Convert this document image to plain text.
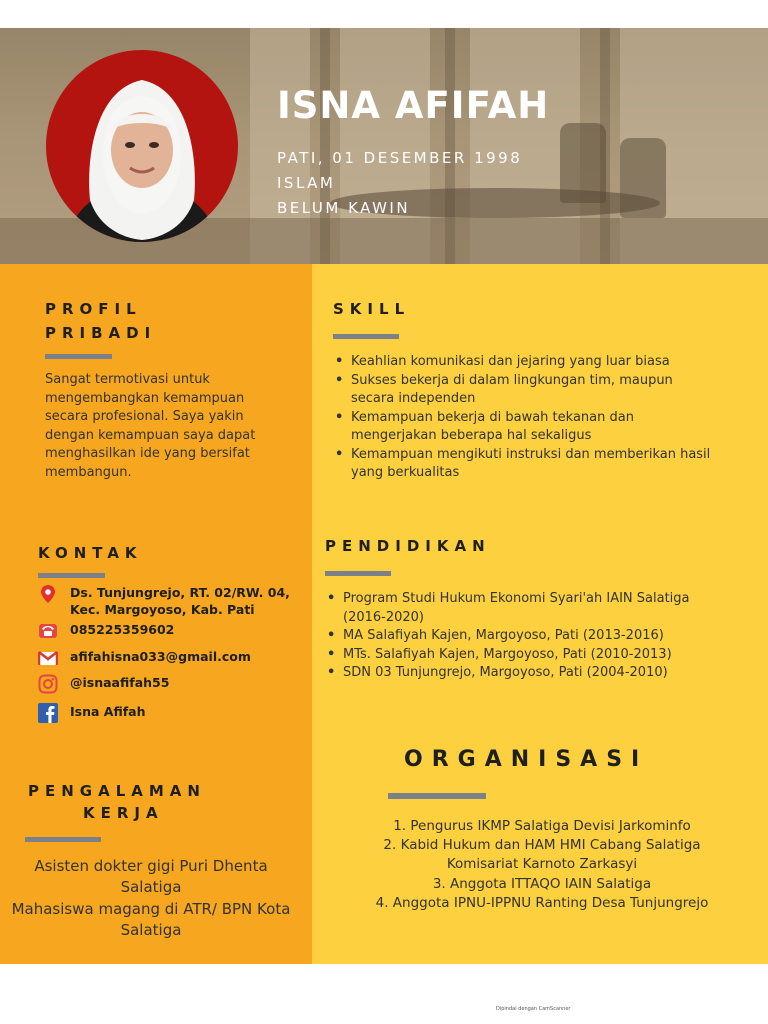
ISNA AFIFAH
PATI, 01 DESEMBER 1998
ISLAM
BELUM KAWIN
PROFIL
PRIBADI
Sangat termotivasi untuk mengembangkan kemampuan secara profesional. Saya yakin dengan kemampuan saya dapat menghasilkan ide yang bersifat membangun.
KONTAK
Ds. Tunjungrejo, RT. 02/RW. 04,
Kec. Margoyoso, Kab. Pati
085225359602
afifahisna033@gmail.com
@isnaafifah55
Isna Afifah
PENGALAMAN
KERJA
Asisten dokter gigi Puri Dhenta Salatiga
Mahasiswa magang di ATR/ BPN Kota Salatiga
SKILL
• Keahlian komunikasi dan jejaring yang luar biasa
• Sukses bekerja di dalam lingkungan tim, maupun secara independen
• Kemampuan bekerja di bawah tekanan dan mengerjakan beberapa hal sekaligus
• Kemampuan mengikuti instruksi dan memberikan hasil yang berkualitas
PENDIDIKAN
• Program Studi Hukum Ekonomi Syari'ah IAIN Salatiga (2016-2020)
• MA Salafiyah Kajen, Margoyoso, Pati (2013-2016)
• MTs. Salafiyah Kajen, Margoyoso, Pati (2010-2013)
• SDN 03 Tunjungrejo, Margoyoso, Pati (2004-2010)
ORGANISASI
1. Pengurus IKMP Salatiga Devisi Jarkominfo
2. Kabid Hukum dan HAM HMI Cabang Salatiga Komisariat Karnoto Zarkasyi
3. Anggota ITTAQO IAIN Salatiga
4. Anggota IPNU-IPPNU Ranting Desa Tunjungrejo
Dipindai dengan CamScanner
